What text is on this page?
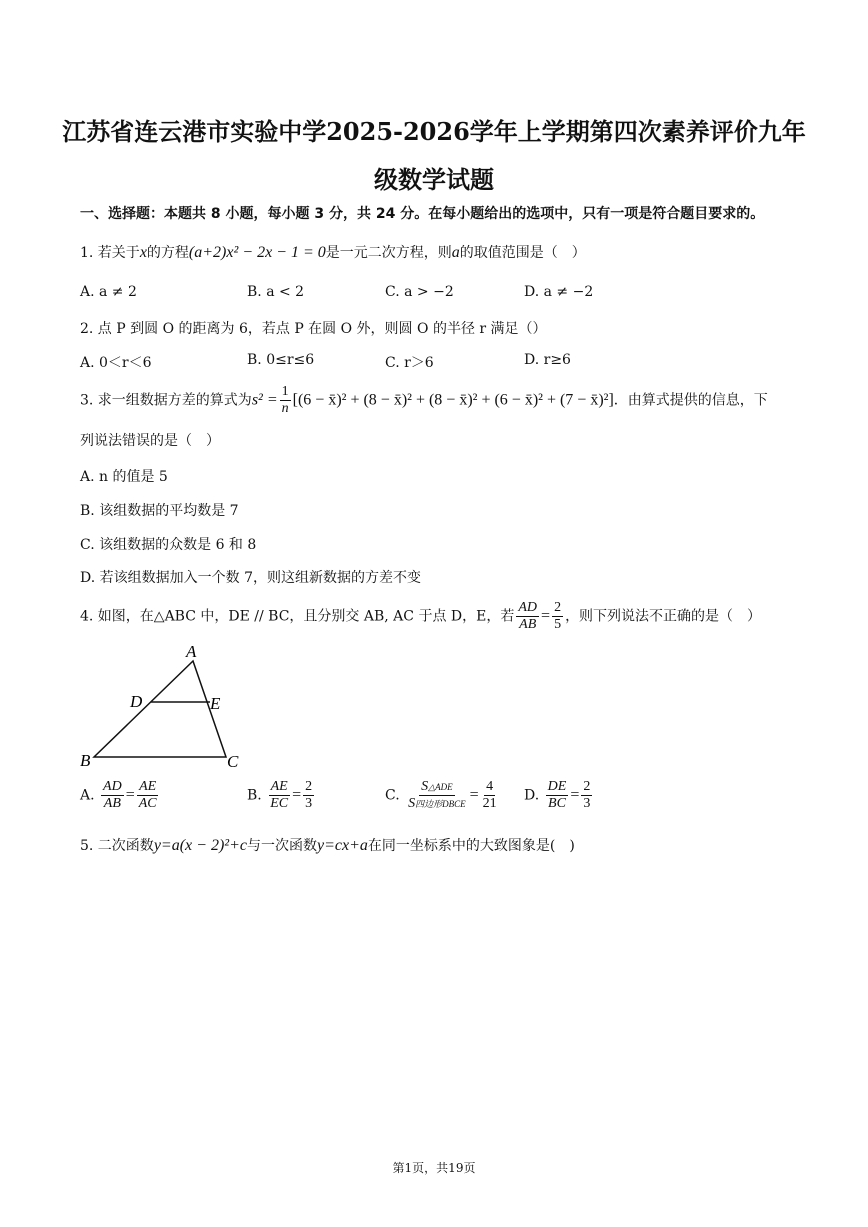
江苏省连云港市实验中学2025-2026学年上学期第四次素养评价九年
级数学试题
一、选择题：本题共 8 小题，每小题 3 分，共 24 分。在每小题给出的选项中，只有一项是符合题目要求的。
1. 若关于x的方程(a+2)x² − 2x − 1 = 0是一元二次方程，则a的取值范围是（　）
A. a ≠ 2	B. a < 2	C. a > −2	D. a ≠ −2
2. 点 P 到圆 O 的距离为 6，若点 P 在圆 O 外，则圆 O 的半径 r 满足（）
A. 0＜r＜6	B. 0≤r≤6	C. r＞6	D. r≥6
3. 求一组数据方差的算式为$s^2 = \frac{1}{n} [(6$ − x̄)² + (8 − x̄)² + (8 − x̄)² + (6 − x̄)² + (7 − x̄)²]．由算式提供的信息，下
列说法错误的是（　）
A. n 的值是 5
B. 该组数据的平均数是 7
C. 该组数据的众数是 6 和 8
D. 若该组数据加入一个数 7，则这组新数据的方差不变
4. 如图，在△ABC 中，DE // BC，且分别交 AB, AC 于点 D，E，若 $\frac{AD}{AB} = \frac{2}{5}$ ，则下列说法不正确的是（　）
A
D	E
B	C
A. $\frac{AD}{AB} = \frac{AE}{AC}$	B. $\frac{AE}{EC} = \frac{2}{3}$	C. $\frac{\text{S△ADE}}{\text{S四边形DBCE}} = \frac{4}{21} D$. $\frac{DE}{BC} = \frac{2}{3}$
5. 二次函数y=a(x − 2)²+c与一次函数y=cx+a在同一坐标系中的大致图象是(　)
第1页，共19页
